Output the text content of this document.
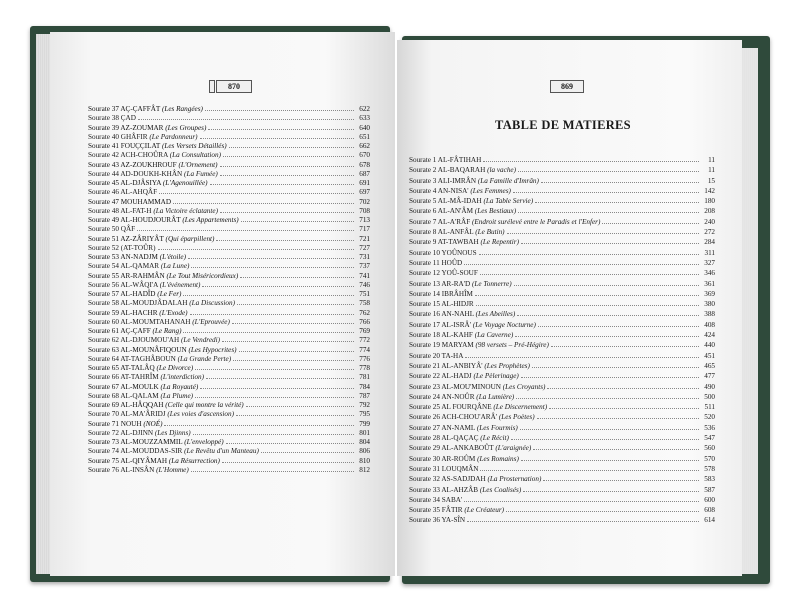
870
Sourate 37 AÇ-ÇAFFÂT (Les Rangées)	622
Sourate 38 ÇAD	633
Sourate 39 AZ-ZOUMAR (Les Groupes)	640
Sourate 40 GHÂFIR (Le Pardonneur)	651
Sourate 41 FOUÇÇILAT (Les Versets Détaillés)	662
Sourate 42 ACH-CHOÛRA (La Consultation)	670
Sourate 43 AZ-ZOUKHROUF (L'Ornement)	678
Sourate 44 AD-DOUKH-KHÂN (La Fumée)	687
Sourate 45 AL-DJÂSIYA (L'Agenouillée)	691
Sourate 46 AL-AHQÂF	697
Sourate 47 MOUHAMMAD	702
Sourate 48 AL-FAT-H (La Victoire éclatante)	708
Sourate 49 AL-HOUDJOURÂT (Les Appartements)	713
Sourate 50 QÂF	717
Sourate 51 AZ-ZÂRIYÂT (Qui éparpillent)	721
Sourate 52 (AT-TOÛR)	727
Sourate 53 AN-NADJM (L'étoile)	731
Sourate 54 AL-QAMAR (La Lune)	737
Sourate 55 AR-RAHMÂN (Le Tout Miséricordieux)	741
Sourate 56 AL-WÂQI'A (L'événement)	746
Sourate 57 AL-HADÎD (Le Fer)	751
Sourate 58 AL-MOUDJÂDALAH (La Discussion)	758
Sourate 59 AL-HACHR (L'Exode)	762
Sourate 60 AL-MOUMTAHANAH (L'Eprouvée)	766
Sourate 61 AÇ-ÇAFF (Le Rang)	769
Sourate 62 AL-DJOUMOU'AH (Le Vendredi)	772
Sourate 63 AL-MOUNÂFIQOUN (Les Hypocrites)	774
Sourate 64 AT-TAGHÂBOUN (La Grande Perte)	776
Sourate 65 AT-TALÂQ (Le Divorce)	778
Sourate 66 AT-TAHRÎM (L'interdiction)	781
Sourate 67 AL-MOULK (La Royauté)	784
Sourate 68 AL-QALAM (La Plume)	787
Sourate 69 AL-HÂQQAH (Celle qui montre la vérité)	792
Sourate 70 AL-MA'ÂRIDJ (Les voies d'ascension)	795
Sourate 71 NOUH (NOÉ)	799
Sourate 72 AL-DJINN (Les Djinns)	801
Sourate 73 AL-MOUZZAMMIL (L'enveloppé)	804
Sourate 74 AL-MOUDDAS-SIR (Le Revêtu d'un Manteau)	806
Sourate 75 AL-QIYÂMAH (La Résurrection)	810
Sourate 76 AL-INSÂN (L'Homme)	812
869
TABLE DE MATIERES
Sourate 1 AL-FÂTIHAH	11
Sourate 2 AL-BAQARAH (la vache)	11
Sourate 3 ALI-IMRÂN (La Famille d'Imrân)	15
Sourate 4 AN-NISA' (Les Femmes)	142
Sourate 5 AL-MÂ-IDAH (La Table Servie)	180
Sourate 6 AL-AN'ÂM (Les Bestiaux)	208
Sourate 7 AL-A'RÂF (Endroit surélevé entre le Paradis et l'Enfer)	240
Sourate 8 AL-ANFÂL (Le Butin)	272
Sourate 9 AT-TAWBAH (Le Repentir)	284
Sourate 10 YOÛNOUS	311
Sourate 11 HOÛD	327
Sourate 12 YOÛ-SOUF	346
Sourate 13 AR-RA'D (Le Tonnerre)	361
Sourate 14 IBRÂHÎM	369
Sourate 15 AL-HIDJR	380
Sourate 16 AN-NAHL (Les Abeilles)	388
Sourate 17 AL-ISRÂ' (Le Voyage Nocturne)	408
Sourate 18 AL-KAHF (La Caverne)	424
Sourate 19 MARYAM (98 versets – Pré-Hégire)	440
Sourate 20 TA-HA	451
Sourate 21 AL-ANBIYÂ' (Les Prophètes)	465
Sourate 22 AL-HADJ (Le Pèlerinage)	477
Sourate 23 AL-MOU'MINOUN (Les Croyants)	490
Sourate 24 AN-NOÛR (La Lumière)	500
Sourate 25 AL FOURQÂNE (Le Discernement)	511
Sourate 26 ACH-CHOU'ARÂ' (Les Poètes)	520
Sourate 27 AN-NAML (Les Fourmis)	536
Sourate 28 AL-QAÇAÇ (Le Récit)	547
Sourate 29 AL-ANKABOÛT (L'araignée)	560
Sourate 30 AR-ROÛM (Les Romains)	570
Sourate 31 LOUQMÂN	578
Sourate 32 AS-SADJDAH (La Prosternation)	583
Sourate 33 AL-AHZÂB (Les Coalisés)	587
Sourate 34 SABA'	600
Sourate 35 FÂTIR (Le Créateur)	608
Sourate 36 YA-SÎN	614
